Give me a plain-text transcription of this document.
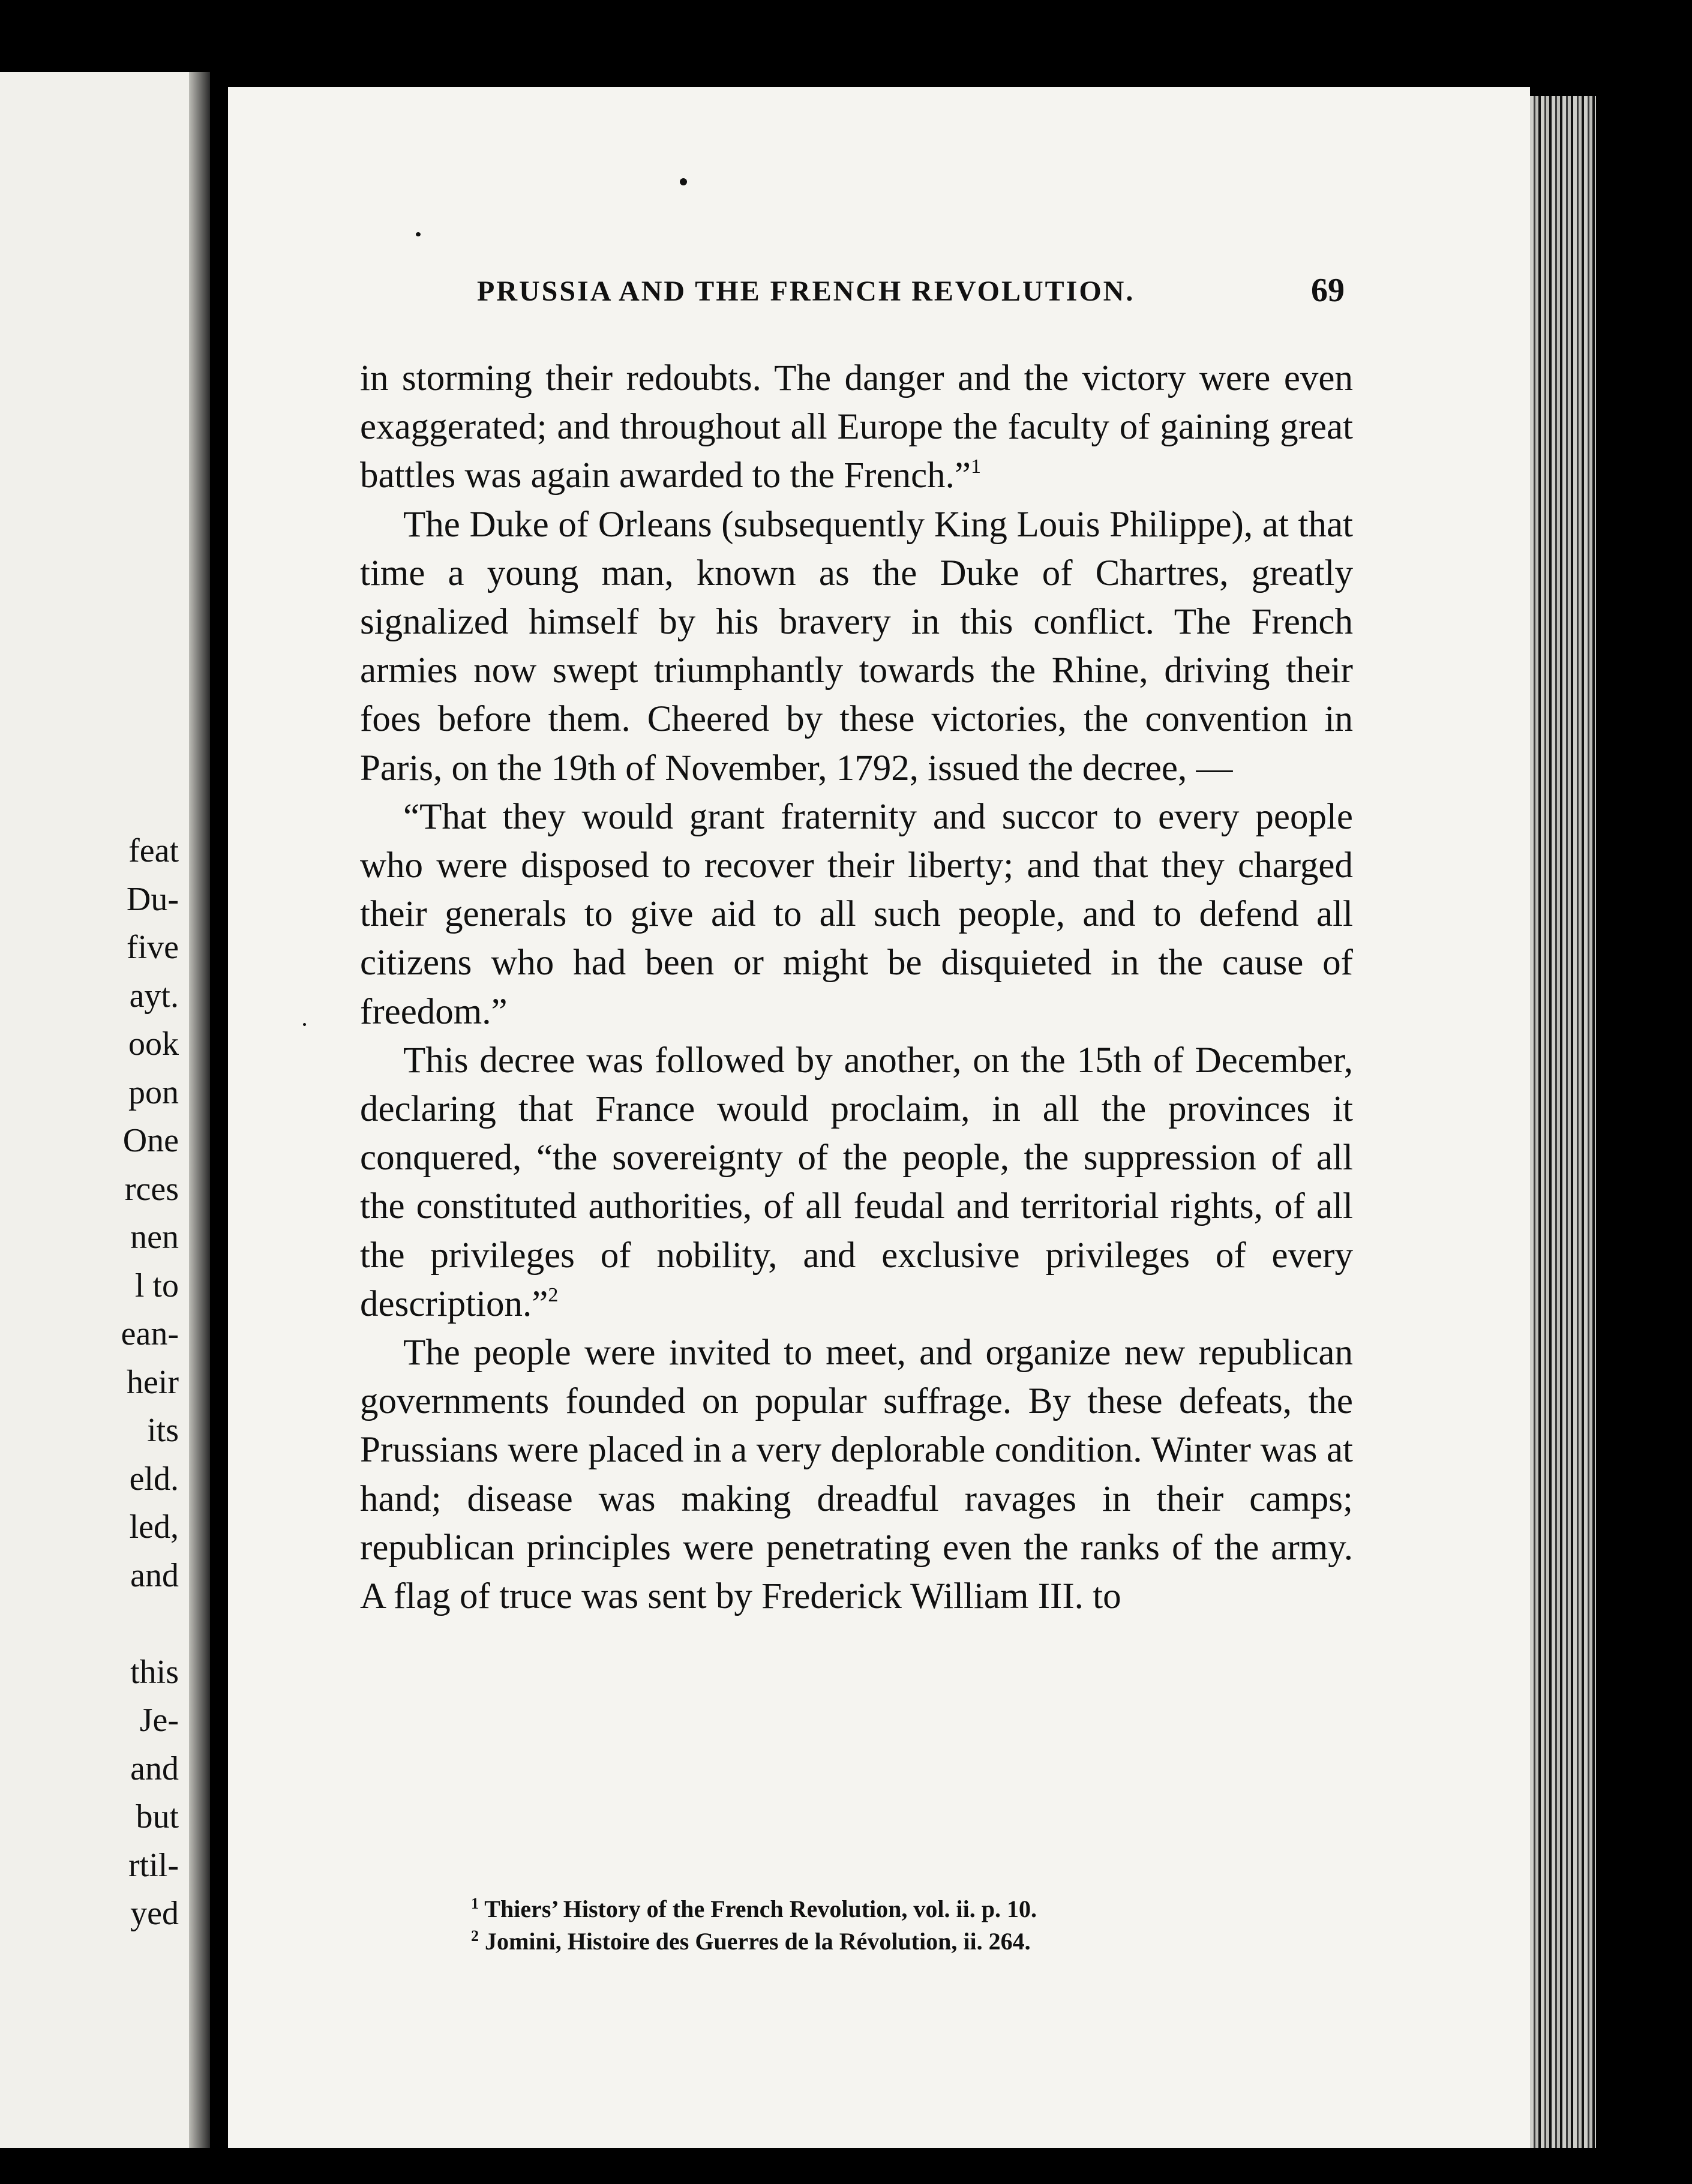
feat
Du-
five
ayt.
ook
pon
One
rces
nen
l to
ean-
heir
its
eld.
led,
and
this
Je-
and
but
rtil-
yed
PRUSSIA AND THE FRENCH REVOLUTION.	69

in storming their redoubts. The danger and the victory were even exaggerated; and throughout all Europe the faculty of gaining great battles was again awarded to the French.”$^1$

The Duke of Orleans (subsequently King Louis Philippe), at that time a young man, known as the Duke of Chartres, greatly signalized himself by his bravery in this conflict. The French armies now swept triumphantly towards the Rhine, driving their foes before them. Cheered by these victories, the convention in Paris, on the 19th of November, 1792, issued the decree, —

“That they would grant fraternity and succor to every people who were disposed to recover their liberty; and that they charged their generals to give aid to all such people, and to defend all citizens who had been or might be disquieted in the cause of freedom.”

This decree was followed by another, on the 15th of December, declaring that France would proclaim, in all the provinces it conquered, “the sovereignty of the people, the suppression of all the constituted authorities, of all feudal and territorial rights, of all the privileges of nobility, and exclusive privileges of every description.”$^2$

The people were invited to meet, and organize new republican governments founded on popular suffrage. By these defeats, the Prussians were placed in a very deplorable condition. Winter was at hand; disease was making dreadful ravages in their camps; republican principles were penetrating even the ranks of the army. A flag of truce was sent by Frederick William III. to

$^1$ Thiers’ History of the French Revolution, vol. ii. p. 10.
$^2$ Jomini, Histoire des Guerres de la Révolution, ii. 264.
